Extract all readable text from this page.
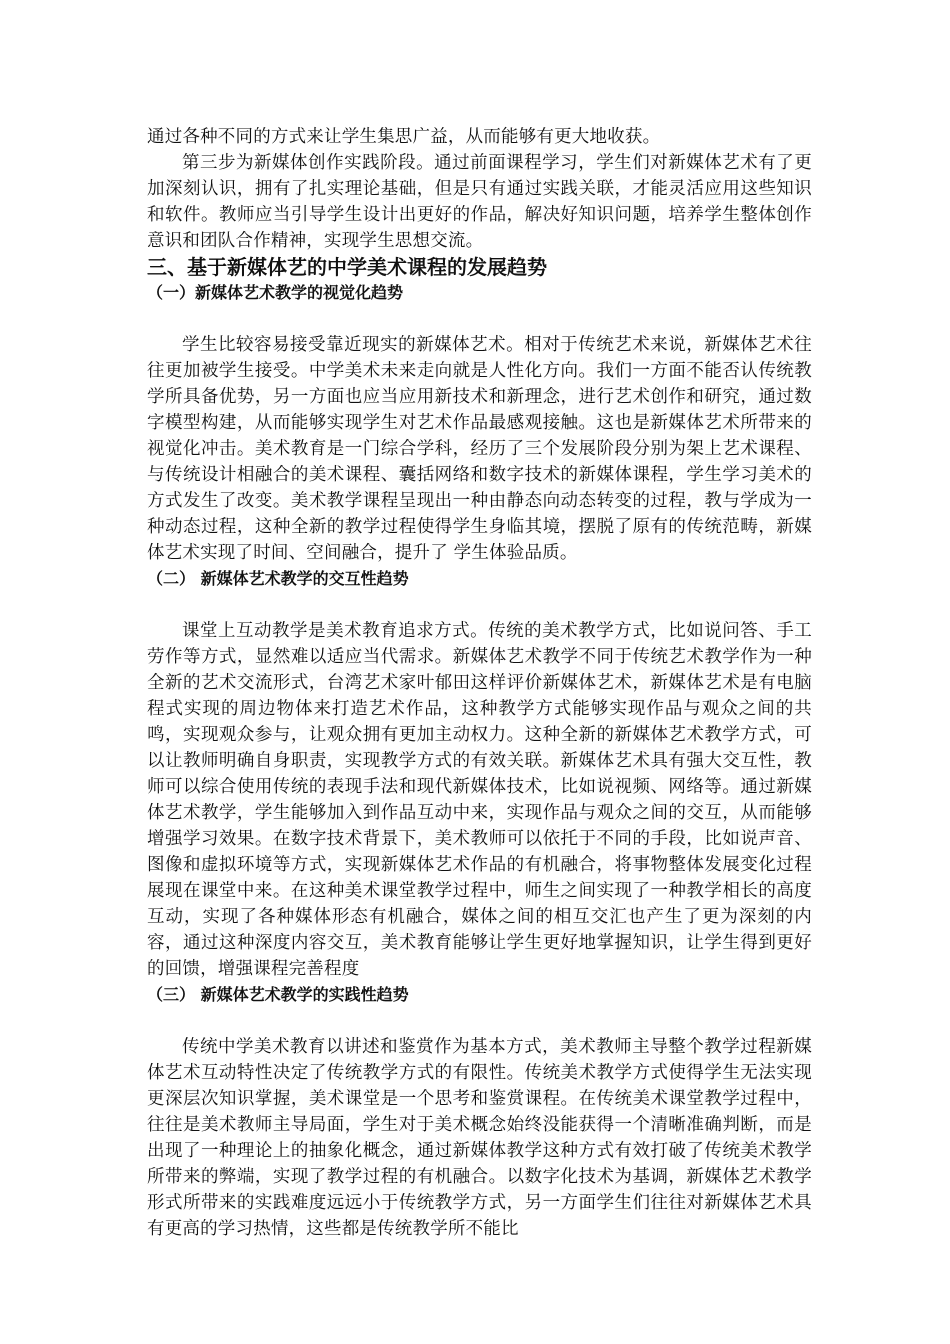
通过各种不同的方式来让学生集思广益，从而能够有更大地收获。

第三步为新媒体创作实践阶段。通过前面课程学习，学生们对新媒体艺术有了更加深刻认识，拥有了扎实理论基础，但是只有通过实践关联，才能灵活应用这些知识和软件。教师应当引导学生设计出更好的作品，解决好知识问题，培养学生整体创作意识和团队合作精神，实现学生思想交流。

三、基于新媒体艺的中学美术课程的发展趋势
（一）新媒体艺术教学的视觉化趋势

学生比较容易接受靠近现实的新媒体艺术。相对于传统艺术来说，新媒体艺术往往更加被学生接受。中学美术未来走向就是人性化方向。我们一方面不能否认传统教学所具备优势，另一方面也应当应用新技术和新理念，进行艺术创作和研究，通过数字模型构建，从而能够实现学生对艺术作品最感观接触。这也是新媒体艺术所带来的视觉化冲击。美术教育是一门综合学科，经历了三个发展阶段分别为架上艺术课程、与传统设计相融合的美术课程、囊括网络和数字技术的新媒体课程，学生学习美术的方式发生了改变。美术教学课程呈现出一种由静态向动态转变的过程，教与学成为一种动态过程，这种全新的教学过程使得学生身临其境，摆脱了原有的传统范畴，新媒体艺术实现了时间、空间融合，提升了 学生体验品质。

（二） 新媒体艺术教学的交互性趋势

课堂上互动教学是美术教育追求方式。传统的美术教学方式，比如说问答、手工劳作等方式，显然难以适应当代需求。新媒体艺术教学不同于传统艺术教学作为一种全新的艺术交流形式，台湾艺术家叶郁田这样评价新媒体艺术，新媒体艺术是有电脑程式实现的周边物体来打造艺术作品，这种教学方式能够实现作品与观众之间的共鸣，实现观众参与，让观众拥有更加主动权力。这种全新的新媒体艺术教学方式，可以让教师明确自身职责，实现教学方式的有效关联。新媒体艺术具有强大交互性，教师可以综合使用传统的表现手法和现代新媒体技术，比如说视频、网络等。通过新媒体艺术教学，学生能够加入到作品互动中来，实现作品与观众之间的交互，从而能够增强学习效果。在数字技术背景下，美术教师可以依托于不同的手段，比如说声音、图像和虚拟环境等方式，实现新媒体艺术作品的有机融合，将事物整体发展变化过程展现在课堂中来。在这种美术课堂教学过程中，师生之间实现了一种教学相长的高度互动，实现了各种媒体形态有机融合，媒体之间的相互交汇也产生了更为深刻的内容，通过这种深度内容交互，美术教育能够让学生更好地掌握知识，让学生得到更好的回馈，增强课程完善程度

（三） 新媒体艺术教学的实践性趋势

传统中学美术教育以讲述和鉴赏作为基本方式，美术教师主导整个教学过程新媒体艺术互动特性决定了传统教学方式的有限性。传统美术教学方式使得学生无法实现更深层次知识掌握，美术课堂是一个思考和鉴赏课程。在传统美术课堂教学过程中，往往是美术教师主导局面，学生对于美术概念始终没能获得一个清晰准确判断，而是出现了一种理论上的抽象化概念，通过新媒体教学这种方式有效打破了传统美术教学所带来的弊端，实现了教学过程的有机融合。以数字化技术为基调，新媒体艺术教学形式所带来的实践难度远远小于传统教学方式，另一方面学生们往往对新媒体艺术具有更高的学习热情，这些都是传统教学所不能比
